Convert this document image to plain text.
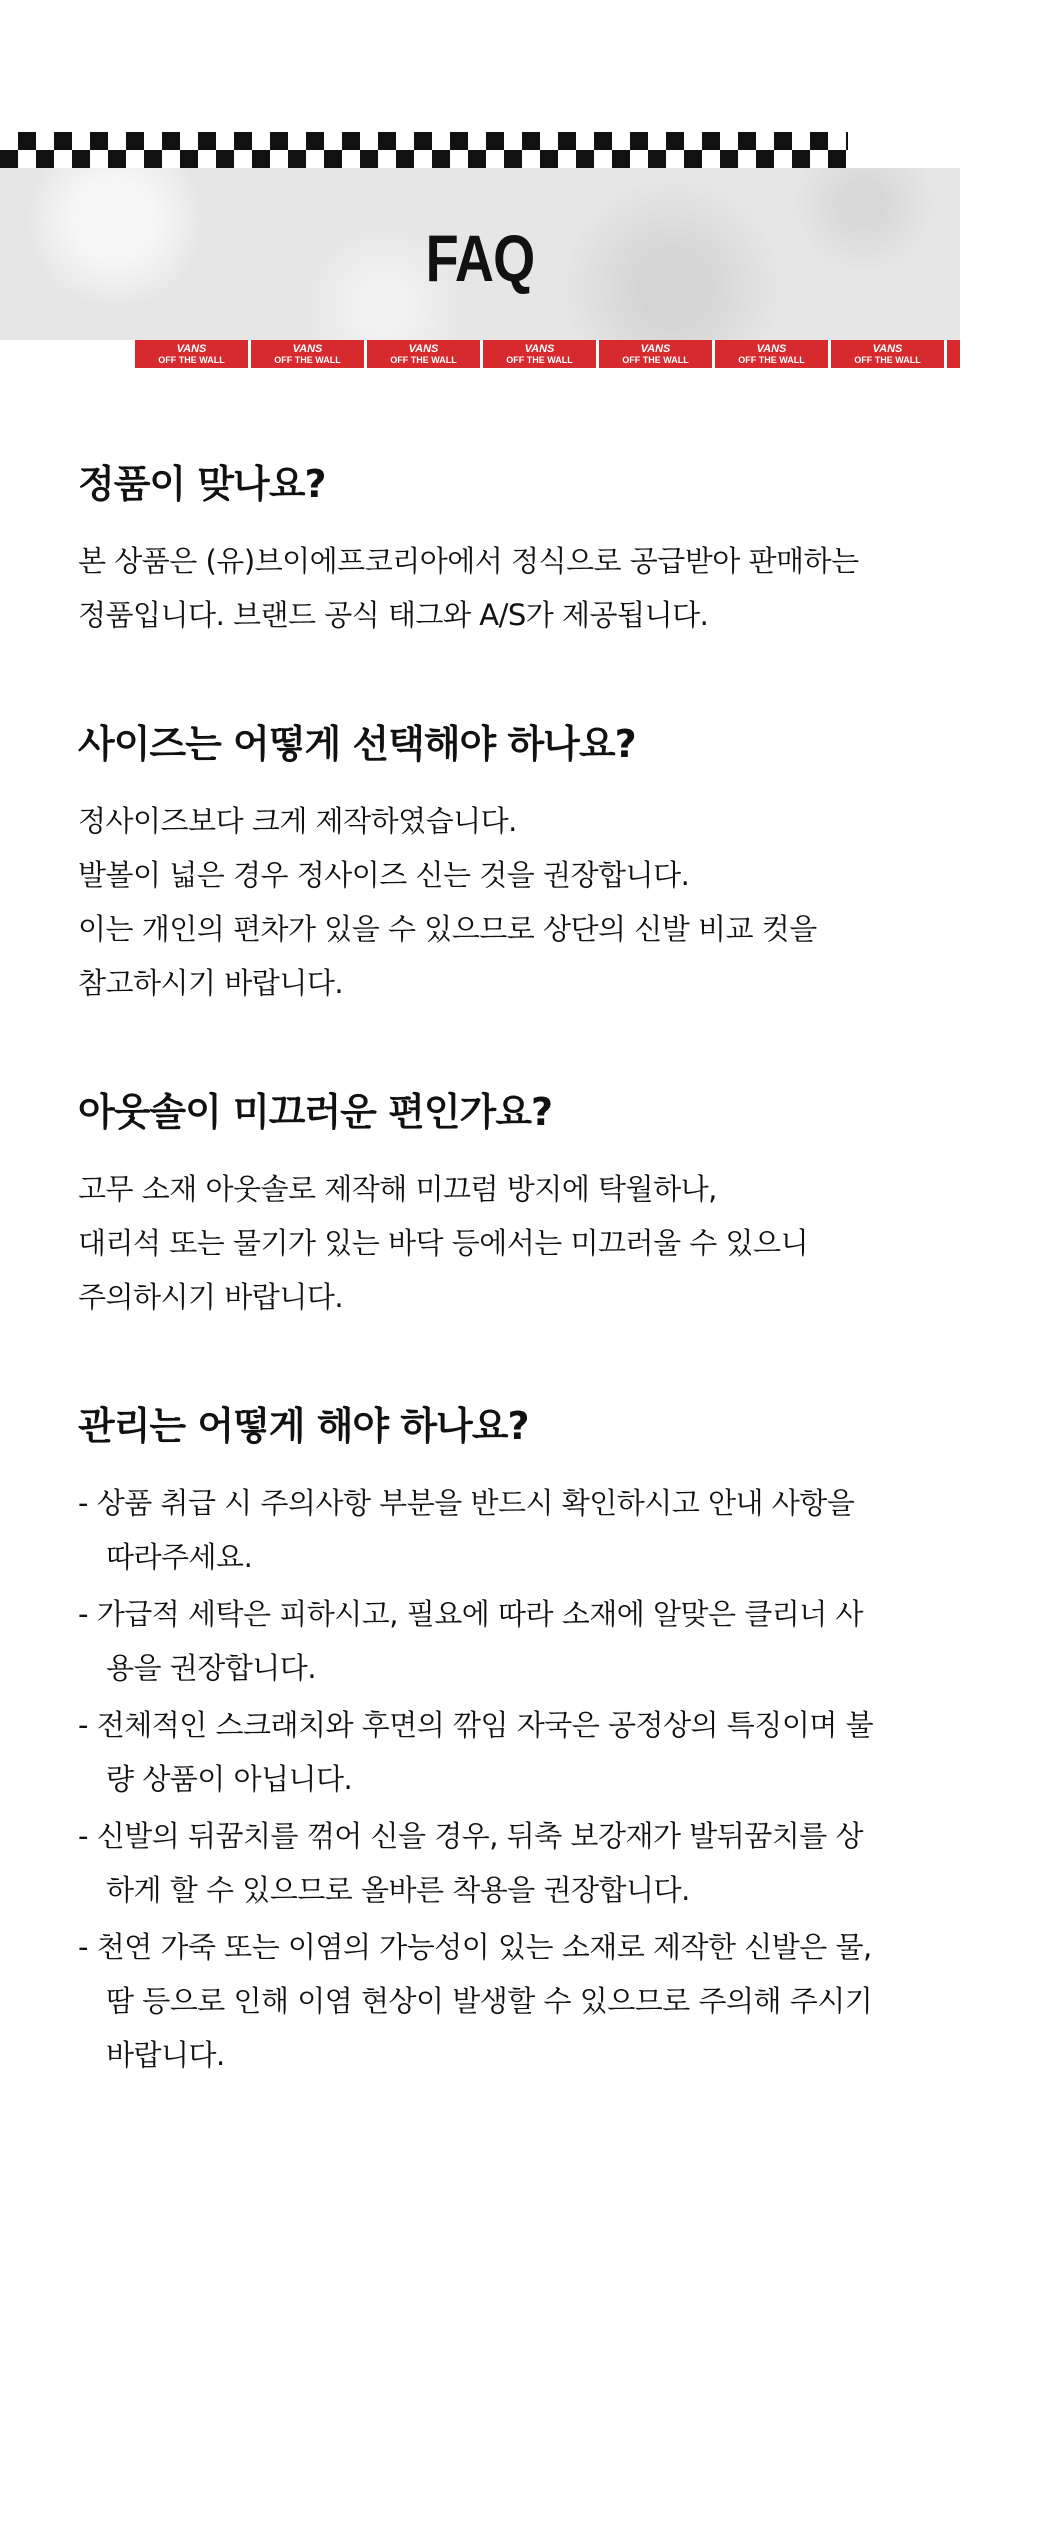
FAQ
VANS
OFF THE WALL
VANS
OFF THE WALL
VANS
OFF THE WALL
VANS
OFF THE WALL
VANS
OFF THE WALL
VANS
OFF THE WALL
VANS
OFF THE WALL
VANS
OFF THE WALL
정품이 맞나요?

본 상품은 (유)브이에프코리아에서 정식으로 공급받아 판매하는

정품입니다. 브랜드 공식 태그와 A/S가 제공됩니다.

사이즈는 어떻게 선택해야 하나요?

정사이즈보다 크게 제작하였습니다.

발볼이 넓은 경우 정사이즈 신는 것을 권장합니다.

이는 개인의 편차가 있을 수 있으므로 상단의 신발 비교 컷을

참고하시기 바랍니다.

아웃솔이 미끄러운 편인가요?

고무 소재 아웃솔로 제작해 미끄럼 방지에 탁월하나,

대리석 또는 물기가 있는 바닥 등에서는 미끄러울 수 있으니

주의하시기 바랍니다.

관리는 어떻게 해야 하나요?
- 상품 취급 시 주의사항 부분을 반드시 확인하시고 안내 사항을 따라주세요.
- 가급적 세탁은 피하시고, 필요에 따라 소재에 알맞은 클리너 사용을 권장합니다.
- 전체적인 스크래치와 후면의 깎임 자국은 공정상의 특징이며 불량 상품이 아닙니다.
- 신발의 뒤꿈치를 꺾어 신을 경우, 뒤축 보강재가 발뒤꿈치를 상하게 할 수 있으므로 올바른 착용을 권장합니다.
- 천연 가죽 또는 이염의 가능성이 있는 소재로 제작한 신발은 물, 땀 등으로 인해 이염 현상이 발생할 수 있으므로 주의해 주시기 바랍니다.
